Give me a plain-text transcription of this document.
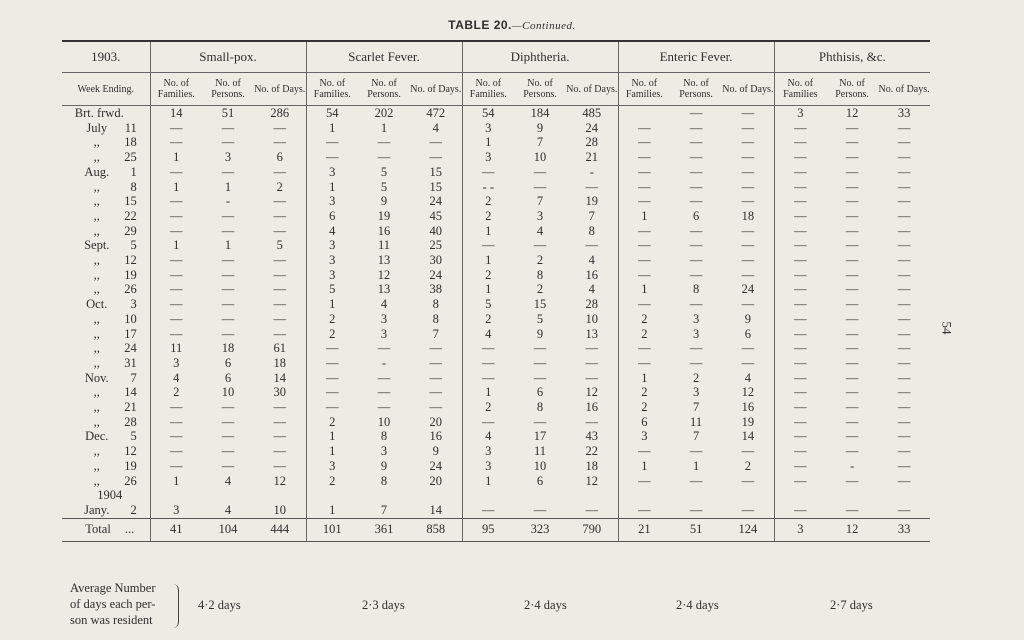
TABLE 20.—Continued.
1903.	Small-pox.			Scarlet Fever.			Diphtheria.			Enteric Fever.			Phthisis, &c.		
Week Ending.	No. of Families.	No. of Persons.	No. of Days.	No. of Families.	No. of Persons.	No. of Days.	No. of Families.	No. of Persons.	No. of Days.	No. of Families.	No. of Persons.	No. of Days.	No. of Families	No. of Persons.	No. of Days.
Brt. frwd.	14	51	286	54	202	472	54	184	485		—	—	3	12	33
July 11	—	—	—	1	1	4	3	9	24	—	—	—	—	—	—
,, 18	—	—	—	—	—	—	1	7	28	—	—	—	—	—	—
,, 25	1	3	6	—	—	—	3	10	21	—	—	—	—	—	—
Aug. 1	—	—	—	3	5	15	—	—	-	—	—	—	—	—	—
,, 8	1	1	2	1	5	15	- -	—	—	—	—	—	—	—	—
,, 15	—	-	—	3	9	24	2	7	19	—	—	—	—	—	—
,, 22	—	—	—	6	19	45	2	3	7	1	6	18	—	—	—
,, 29	—	—	—	4	16	40	1	4	8	—	—	—	—	—	—
Sept. 5	1	1	5	3	11	25	—	—	—	—	—	—	—	—	—
,, 12	—	—	—	3	13	30	1	2	4	—	—	—	—	—	—
,, 19	—	—	—	3	12	24	2	8	16	—	—	—	—	—	—
,, 26	—	—	—	5	13	38	1	2	4	1	8	24	—	—	—
Oct. 3	—	—	—	1	4	8	5	15	28	—	—	—	—	—	—
,, 10	—	—	—	2	3	8	2	5	10	2	3	9	—	—	—
,, 17	—	—	—	2	3	7	4	9	13	2	3	6	—	—	—
,, 24	11	18	61	—	—	—	—	—	—	—	—	—	—	—	—
,, 31	3	6	18	—	-	—	—	—	—	—	—	—	—	—	—
Nov. 7	4	6	14	—	—	—	—	—	—	1	2	4	—	—	—
,, 14	2	10	30	—	—	—	1	6	12	2	3	12	—	—	—
,, 21	—	—	—	—	—	—	2	8	16	2	7	16	—	—	—
,, 28	—	—	—	2	10	20	—	—	—	6	11	19	—	—	—
Dec. 5	—	—	—	1	8	16	4	17	43	3	7	14	—	—	—
,, 12	—	—	—	1	3	9	3	11	22	—	—	—	—	—	—
,, 19	—	—	—	3	9	24	3	10	18	1	1	2	—	-	—
,, 26	1	4	12	2	8	20	1	6	12	—	—	—	—	—	—
1904															
Jany. 2	3	4	10	1	7	14	—	—	—	—	—	—	—	—	—
Total ...	41	104	444	101	361	858	95	323	790	21	51	124	3	12	33
Average Number
of days each per-
son was resident
4·2 days	2·3 days	2·4 days	2·4 days	2·7 days
54
